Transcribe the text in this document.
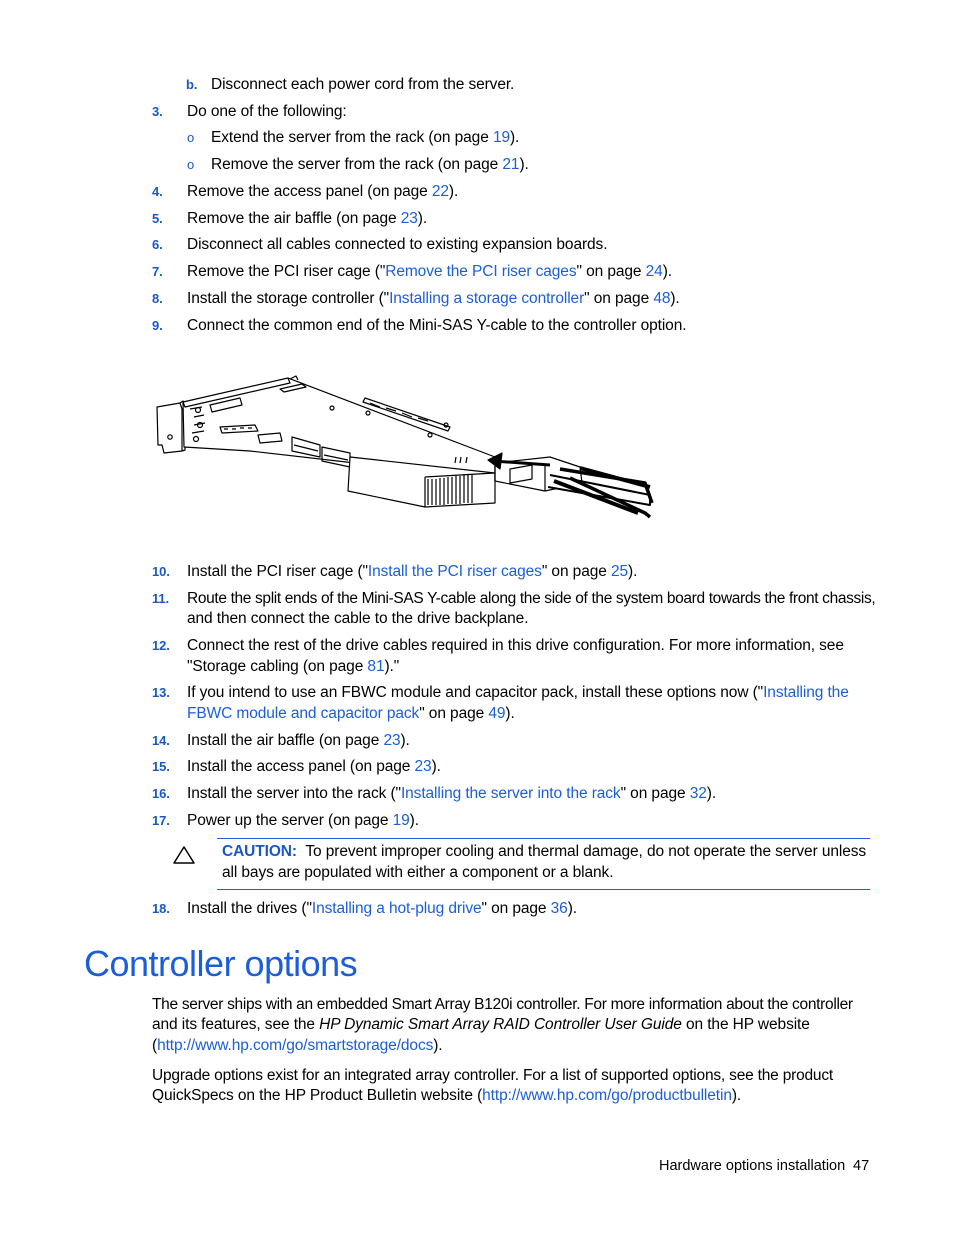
b. Disconnect each power cord from the server.
3. Do one of the following:
o Extend the server from the rack (on page 19).
o Remove the server from the rack (on page 21).
4. Remove the access panel (on page 22).
5. Remove the air baffle (on page 23).
6. Disconnect all cables connected to existing expansion boards.
7. Remove the PCI riser cage ("Remove the PCI riser cages" on page 24).
8. Install the storage controller ("Installing a storage controller" on page 48).
9. Connect the common end of the Mini-SAS Y-cable to the controller option.
10. Install the PCI riser cage ("Install the PCI riser cages" on page 25).
11. Route the split ends of the Mini-SAS Y-cable along the side of the system board towards the front chassis,
and then connect the cable to the drive backplane.
12. Connect the rest of the drive cables required in this drive configuration. For more information, see
"Storage cabling (on page 81)."
13. If you intend to use an FBWC module and capacitor pack, install these options now ("Installing the
FBWC module and capacitor pack" on page 49).
14. Install the air baffle (on page 23).
15. Install the access panel (on page 23).
16. Install the server into the rack ("Installing the server into the rack" on page 32).
17. Power up the server (on page 19).
CAUTION: To prevent improper cooling and thermal damage, do not operate the server unless
all bays are populated with either a component or a blank.
18. Install the drives ("Installing a hot-plug drive" on page 36).
Controller options
The server ships with an embedded Smart Array B120i controller. For more information about the controller
and its features, see the HP Dynamic Smart Array RAID Controller User Guide on the HP website
(http://www.hp.com/go/smartstorage/docs).
Upgrade options exist for an integrated array controller. For a list of supported options, see the product
QuickSpecs on the HP Product Bulletin website (http://www.hp.com/go/productbulletin).
Hardware options installation 47
